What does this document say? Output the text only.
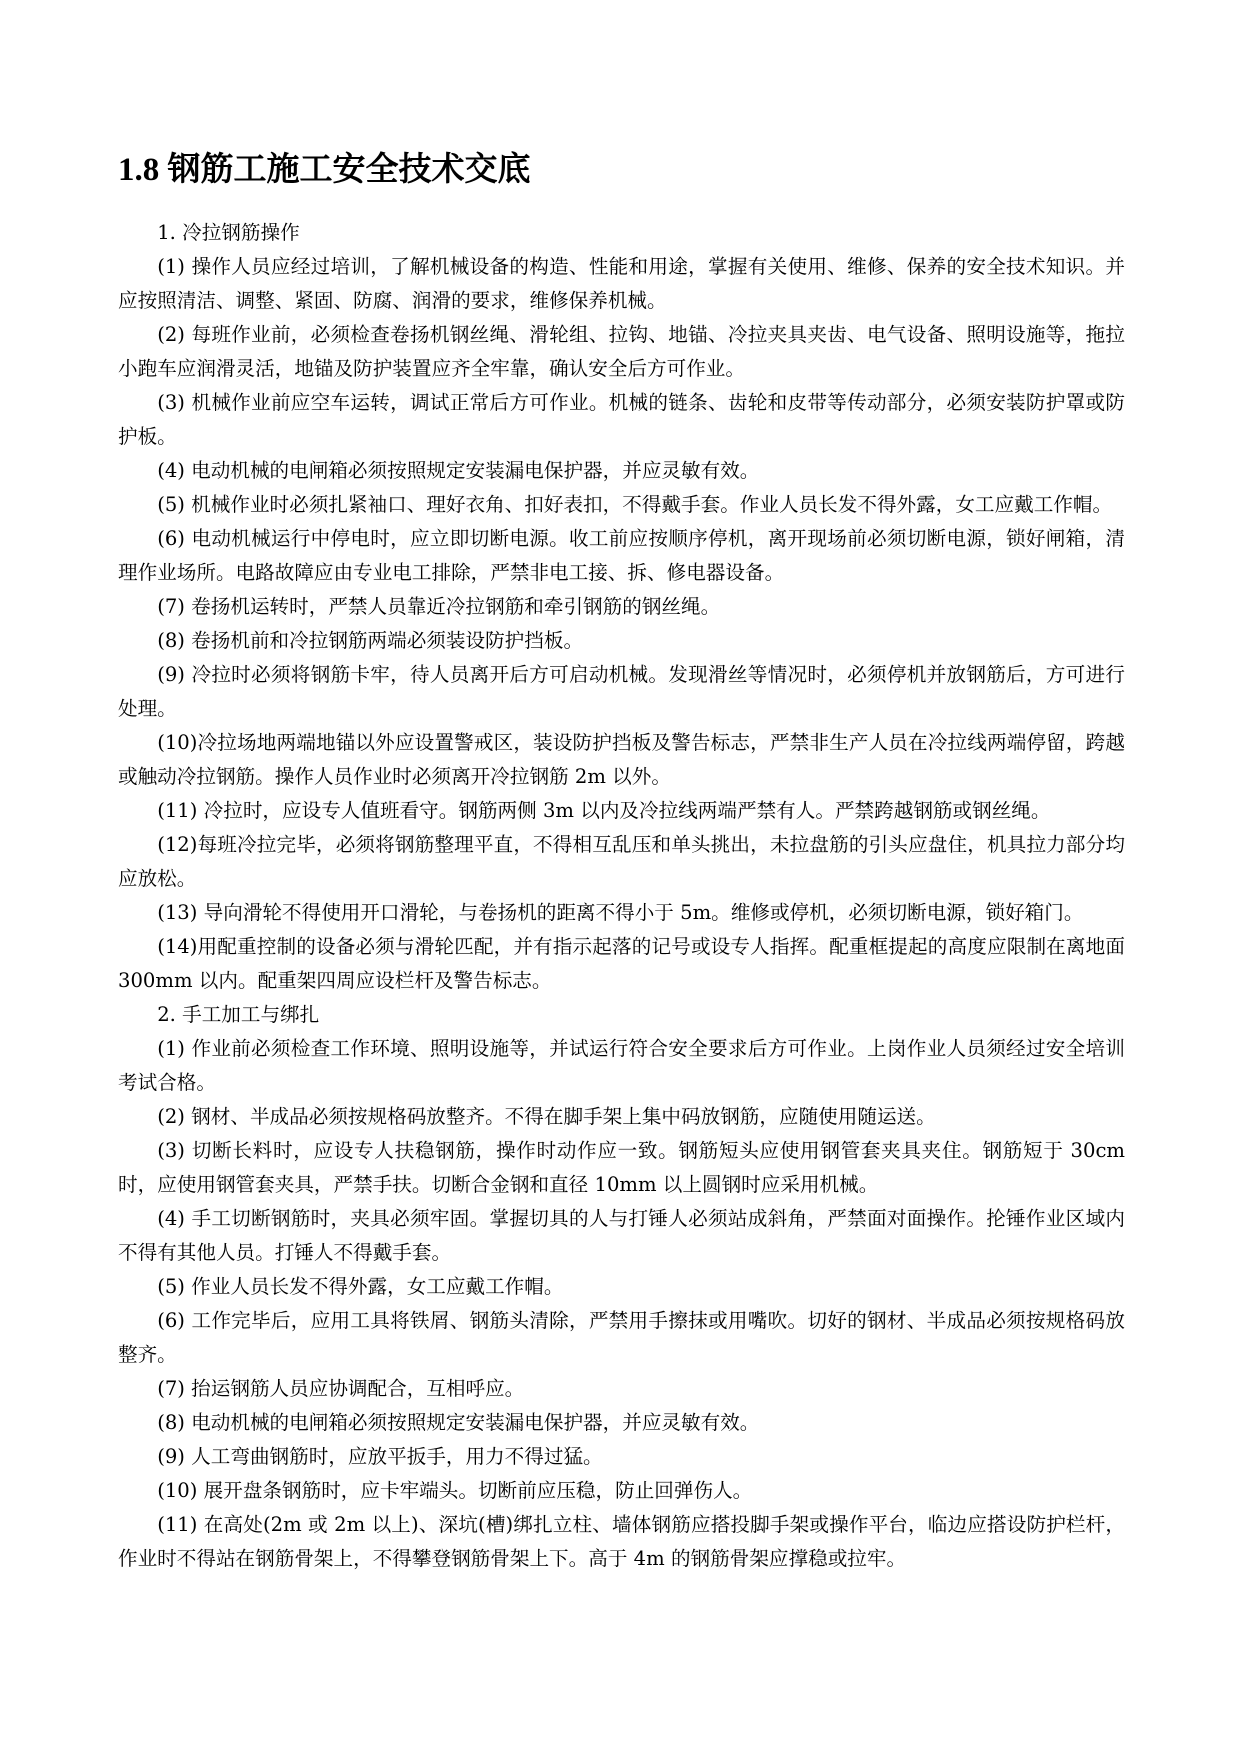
1.8 钢筋工施工安全技术交底

1. 冷拉钢筋操作

(1) 操作人员应经过培训，了解机械设备的构造、性能和用途，掌握有关使用、维修、保养的安全技术知识。并应按照清洁、调整、紧固、防腐、润滑的要求，维修保养机械。

(2) 每班作业前，必须检查卷扬机钢丝绳、滑轮组、拉钩、地锚、冷拉夹具夹齿、电气设备、照明设施等，拖拉小跑车应润滑灵活，地锚及防护装置应齐全牢靠，确认安全后方可作业。

(3) 机械作业前应空车运转，调试正常后方可作业。机械的链条、齿轮和皮带等传动部分，必须安装防护罩或防护板。

(4) 电动机械的电闸箱必须按照规定安装漏电保护器，并应灵敏有效。

(5) 机械作业时必须扎紧袖口、理好衣角、扣好表扣，不得戴手套。作业人员长发不得外露，女工应戴工作帽。

(6) 电动机械运行中停电时，应立即切断电源。收工前应按顺序停机，离开现场前必须切断电源，锁好闸箱，清理作业场所。电路故障应由专业电工排除，严禁非电工接、拆、修电器设备。

(7) 卷扬机运转时，严禁人员靠近冷拉钢筋和牵引钢筋的钢丝绳。

(8) 卷扬机前和冷拉钢筋两端必须装设防护挡板。

(9) 冷拉时必须将钢筋卡牢，待人员离开后方可启动机械。发现滑丝等情况时，必须停机并放钢筋后，方可进行处理。

(10)冷拉场地两端地锚以外应设置警戒区，装设防护挡板及警告标志，严禁非生产人员在冷拉线两端停留，跨越或触动冷拉钢筋。操作人员作业时必须离开冷拉钢筋 2m 以外。

(11) 冷拉时，应设专人值班看守。钢筋两侧 3m 以内及冷拉线两端严禁有人。严禁跨越钢筋或钢丝绳。

(12)每班冷拉完毕，必须将钢筋整理平直，不得相互乱压和单头挑出，未拉盘筋的引头应盘住，机具拉力部分均应放松。

(13) 导向滑轮不得使用开口滑轮，与卷扬机的距离不得小于 5m。维修或停机，必须切断电源，锁好箱门。

(14)用配重控制的设备必须与滑轮匹配，并有指示起落的记号或设专人指挥。配重框提起的高度应限制在离地面 300mm 以内。配重架四周应设栏杆及警告标志。

2. 手工加工与绑扎

(1) 作业前必须检查工作环境、照明设施等，并试运行符合安全要求后方可作业。上岗作业人员须经过安全培训考试合格。

(2) 钢材、半成品必须按规格码放整齐。不得在脚手架上集中码放钢筋，应随使用随运送。

(3) 切断长料时，应设专人扶稳钢筋，操作时动作应一致。钢筋短头应使用钢管套夹具夹住。钢筋短于 30cm 时，应使用钢管套夹具，严禁手扶。切断合金钢和直径 10mm 以上圆钢时应采用机械。

(4) 手工切断钢筋时，夹具必须牢固。掌握切具的人与打锤人必须站成斜角，严禁面对面操作。抡锤作业区域内不得有其他人员。打锤人不得戴手套。

(5) 作业人员长发不得外露，女工应戴工作帽。

(6) 工作完毕后，应用工具将铁屑、钢筋头清除，严禁用手擦抹或用嘴吹。切好的钢材、半成品必须按规格码放整齐。

(7) 抬运钢筋人员应协调配合，互相呼应。

(8) 电动机械的电闸箱必须按照规定安装漏电保护器，并应灵敏有效。

(9) 人工弯曲钢筋时，应放平扳手，用力不得过猛。

(10) 展开盘条钢筋时，应卡牢端头。切断前应压稳，防止回弹伤人。

(11) 在高处(2m 或 2m 以上)、深坑(槽)绑扎立柱、墙体钢筋应搭投脚手架或操作平台，临边应搭设防护栏杆，作业时不得站在钢筋骨架上，不得攀登钢筋骨架上下。高于 4m 的钢筋骨架应撑稳或拉牢。
